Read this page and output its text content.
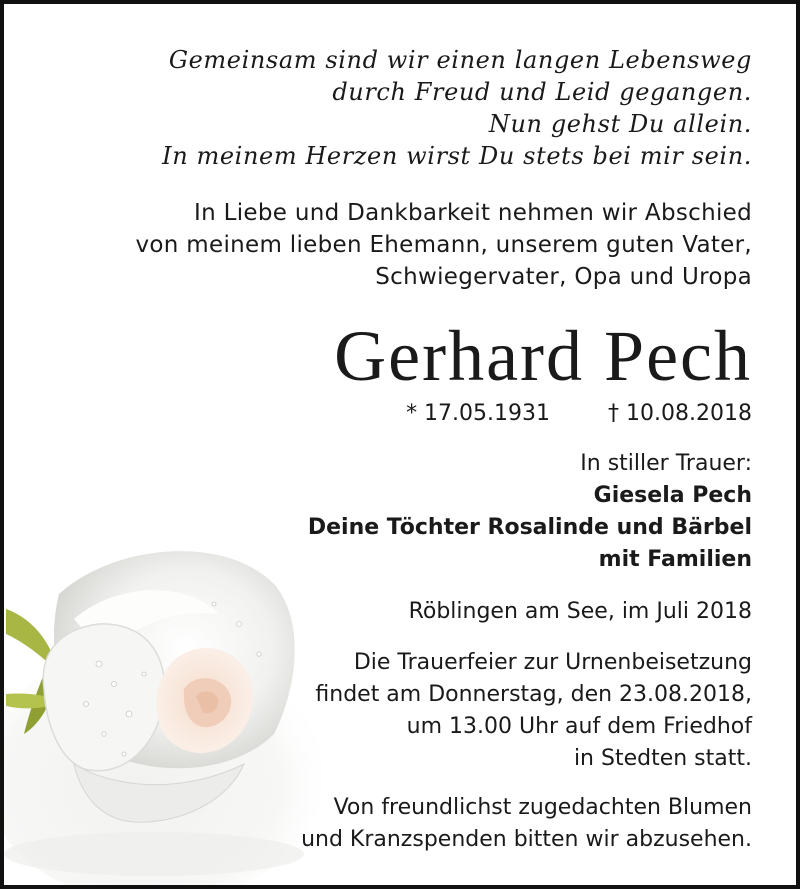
Gemeinsam sind wir einen langen Lebensweg
durch Freud und Leid gegangen.
Nun gehst Du allein.
In meinem Herzen wirst Du stets bei mir sein.
In Liebe und Dankbarkeit nehmen wir Abschied
von meinem lieben Ehemann, unserem guten Vater,
Schwiegervater, Opa und Uropa
Gerhard Pech
* 17.05.1931	† 10.08.2018
In stiller Trauer:
Giesela Pech
Deine Töchter Rosalinde und Bärbel
mit Familien
Röblingen am See, im Juli 2018
Die Trauerfeier zur Urnenbeisetzung
findet am Donnerstag, den 23.08.2018,
um 13.00 Uhr auf dem Friedhof
in Stedten statt.
Von freundlichst zugedachten Blumen
und Kranzspenden bitten wir abzusehen.
